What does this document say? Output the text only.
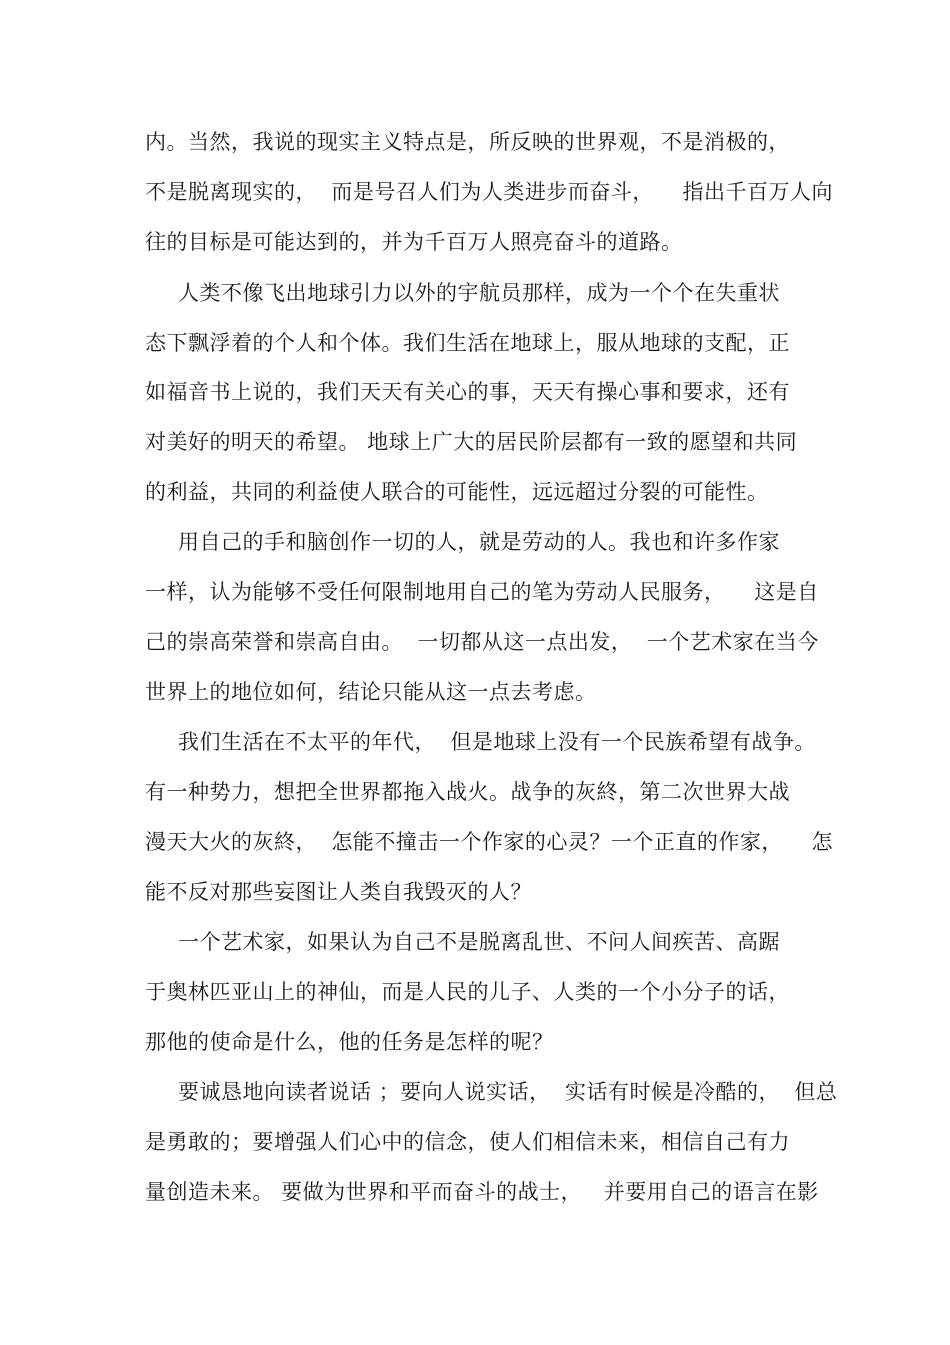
内。当然，我说的现实主义特点是，所反映的世界观，不是消极的，
不是脱离现实的，  而是号召人们为人类进步而奋斗，    指出千百万人向
往的目标是可能达到的，并为千百万人照亮奋斗的道路。
人类不像飞出地球引力以外的宇航员那样，成为一个个在失重状
态下飘浮着的个人和个体。我们生活在地球上，服从地球的支配，正
如福音书上说的，我们天天有关心的事，天天有操心事和要求，还有
对美好的明天的希望。 地球上广大的居民阶层都有一致的愿望和共同
的利益，共同的利益使人联合的可能性，远远超过分裂的可能性。
用自己的手和脑创作一切的人，就是劳动的人。我也和许多作家
一样，认为能够不受任何限制地用自己的笔为劳动人民服务，    这是自
己的崇高荣誉和崇高自由。  一切都从这一点出发，  一个艺术家在当今
世界上的地位如何，结论只能从这一点去考虑。
我们生活在不太平的年代，  但是地球上没有一个民族希望有战争。
有一种势力，想把全世界都拖入战火。战争的灰終，第二次世界大战
漫天大火的灰終，  怎能不撞击一个作家的心灵？一个正直的作家，    怎
能不反对那些妄图让人类自我毁灭的人？
一个艺术家，如果认为自己不是脱离乱世、不问人间疾苦、高踞
于奥林匹亚山上的神仙，而是人民的儿子、人类的一个小分子的话，
那他的使命是什么，他的任务是怎样的呢？
要诚恳地向读者说话 ；要向人说实话，  实话有时候是冷酷的，  但总
是勇敢的；要增强人们心中的信念，使人们相信未来，相信自己有力
量创造未来。 要做为世界和平而奋斗的战士，   并要用自己的语言在影
